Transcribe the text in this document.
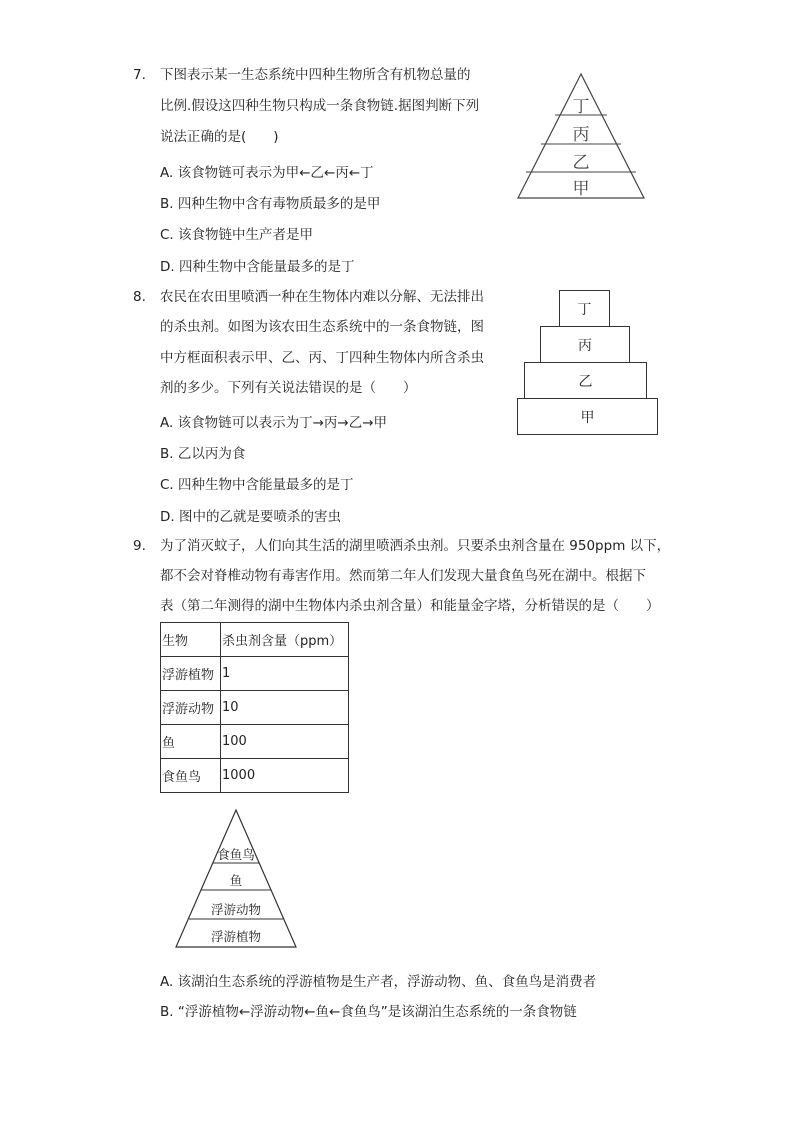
7. 下图表示某一生态系统中四种生物所含有机物总量的
比例.假设这四种生物只构成一条食物链.据图判断下列
说法正确的是(　　)
A. 该食物链可表示为甲←乙←丙←丁
B. 四种生物中含有毒物质最多的是甲
C. 该食物链中生产者是甲
D. 四种生物中含能量最多的是丁
丁
丙
乙
甲
8. 农民在农田里喷洒一种在生物体内难以分解、无法排出
的杀虫剂。如图为该农田生态系统中的一条食物链，图
中方框面积表示甲、乙、丙、丁四种生物体内所含杀虫
剂的多少。下列有关说法错误的是（　　）
A. 该食物链可以表示为丁→丙→乙→甲
B. 乙以丙为食
C. 四种生物中含能量最多的是丁
D. 图中的乙就是要喷杀的害虫
丁
丙
乙
甲
9. 为了消灭蚊子，人们向其生活的湖里喷洒杀虫剂。只要杀虫剂含量在 950ppm 以下，
都不会对脊椎动物有毒害作用。然而第二年人们发现大量食鱼鸟死在湖中。根据下
表（第二年测得的湖中生物体内杀虫剂含量）和能量金字塔，分析错误的是（　　）
生物	杀虫剂含量（ppm）
浮游植物	1
浮游动物	10
鱼	100
食鱼鸟	1000
食鱼鸟
鱼
浮游动物
浮游植物
A. 该湖泊生态系统的浮游植物是生产者，浮游动物、鱼、食鱼鸟是消费者
B. “浮游植物←浮游动物←鱼←食鱼鸟”是该湖泊生态系统的一条食物链
